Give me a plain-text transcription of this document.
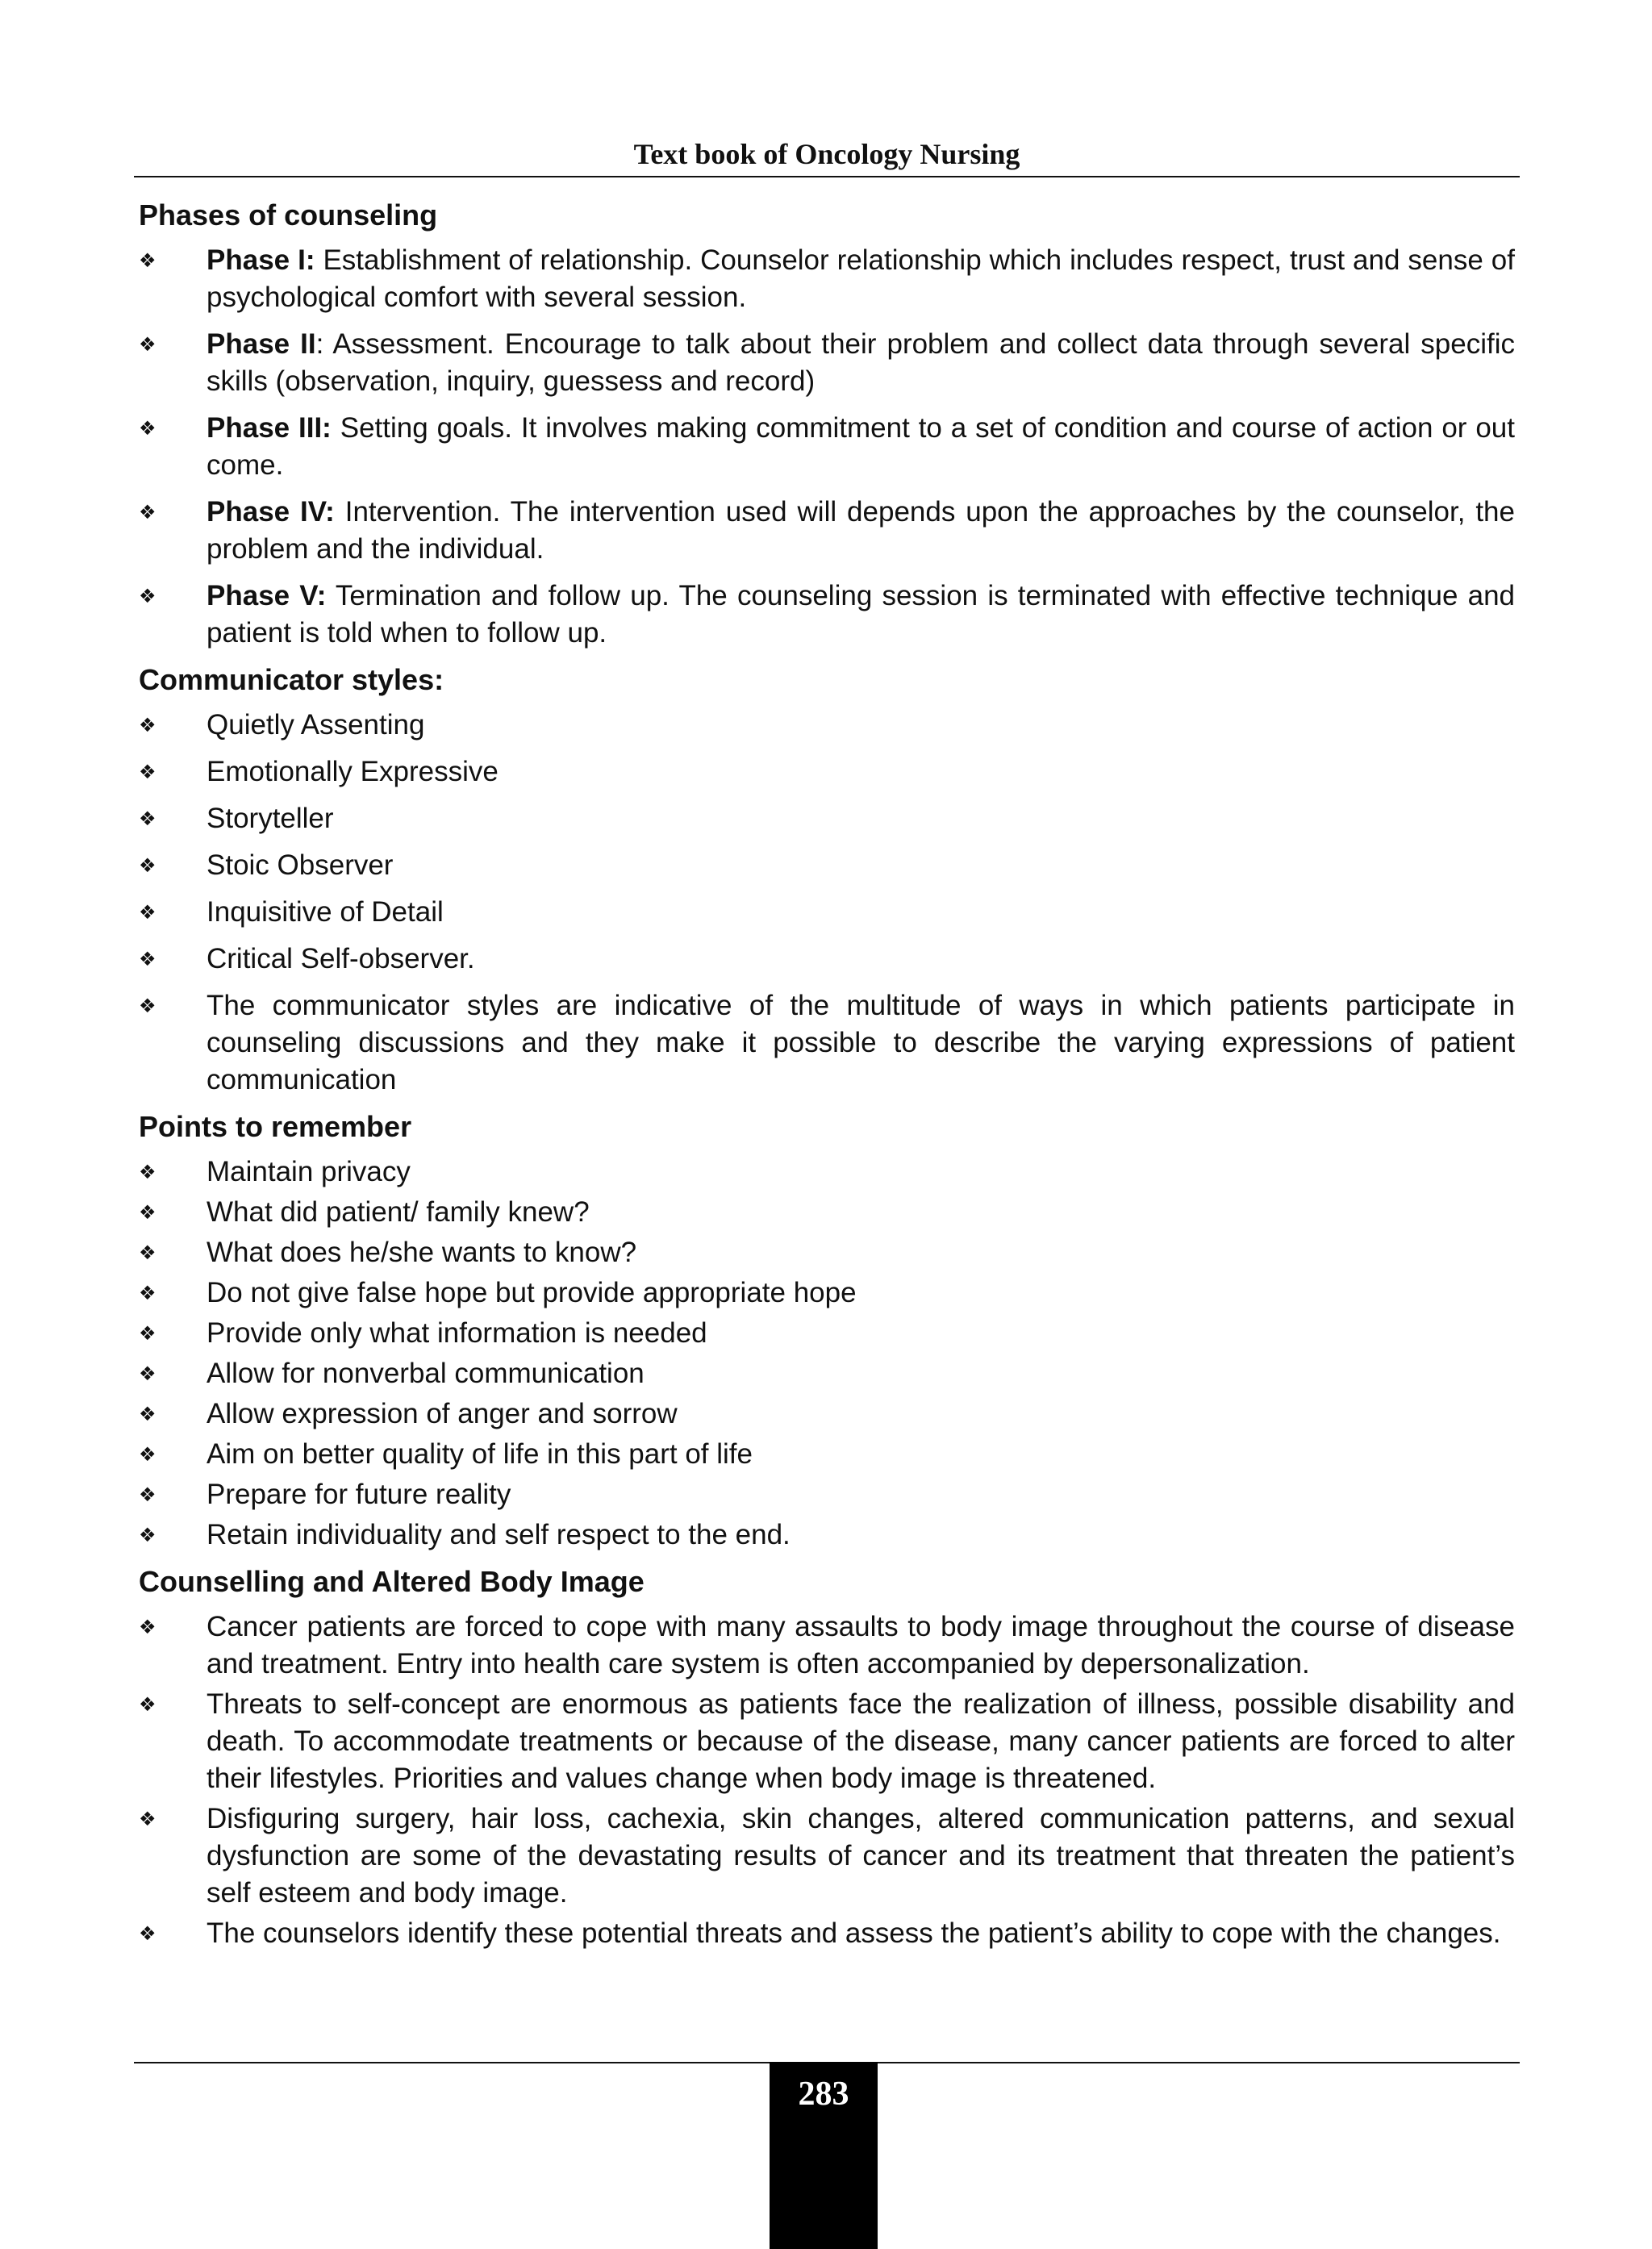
Text book of Oncology Nursing
Phases of counseling
❖ Phase I: Establishment of relationship. Counselor relationship which includes respect, trust and sense of psychological comfort with several session.
❖ Phase II: Assessment. Encourage to talk about their problem and collect data through several specific skills (observation, inquiry, guessess and record)
❖ Phase III: Setting goals. It involves making commitment to a set of condition and course of action or out come.
❖ Phase IV: Intervention. The intervention used will depends upon the approaches by the counselor, the problem and the individual.
❖ Phase V: Termination and follow up. The counseling session is terminated with effective technique and patient is told when to follow up.
Communicator styles:
❖ Quietly Assenting
❖ Emotionally Expressive
❖ Storyteller
❖ Stoic Observer
❖ Inquisitive of Detail
❖ Critical Self-observer.
❖ The communicator styles are indicative of the multitude of ways in which patients participate in counseling discussions and they make it possible to describe the varying expressions of patient communication
Points to remember
❖ Maintain privacy
❖ What did patient/ family knew?
❖ What does he/she wants to know?
❖ Do not give false hope but provide appropriate hope
❖ Provide only what information is needed
❖ Allow for nonverbal communication
❖ Allow expression of anger and sorrow
❖ Aim on better quality of life in this part of life
❖ Prepare for future reality
❖ Retain individuality and self respect to the end.
Counselling and Altered Body Image
❖ Cancer patients are forced to cope with many assaults to body image throughout the course of disease and treatment. Entry into health care system is often accompanied by depersonalization.
❖ Threats to self-concept are enormous as patients face the realization of illness, possible disability and death. To accommodate treatments or because of the disease, many cancer patients are forced to alter their lifestyles. Priorities and values change when body image is threatened.
❖ Disfiguring surgery, hair loss, cachexia, skin changes, altered communication patterns, and sexual dysfunction are some of the devastating results of cancer and its treatment that threaten the patient’s self esteem and body image.
❖ The counselors identify these potential threats and assess the patient’s ability to cope with the changes.
283
